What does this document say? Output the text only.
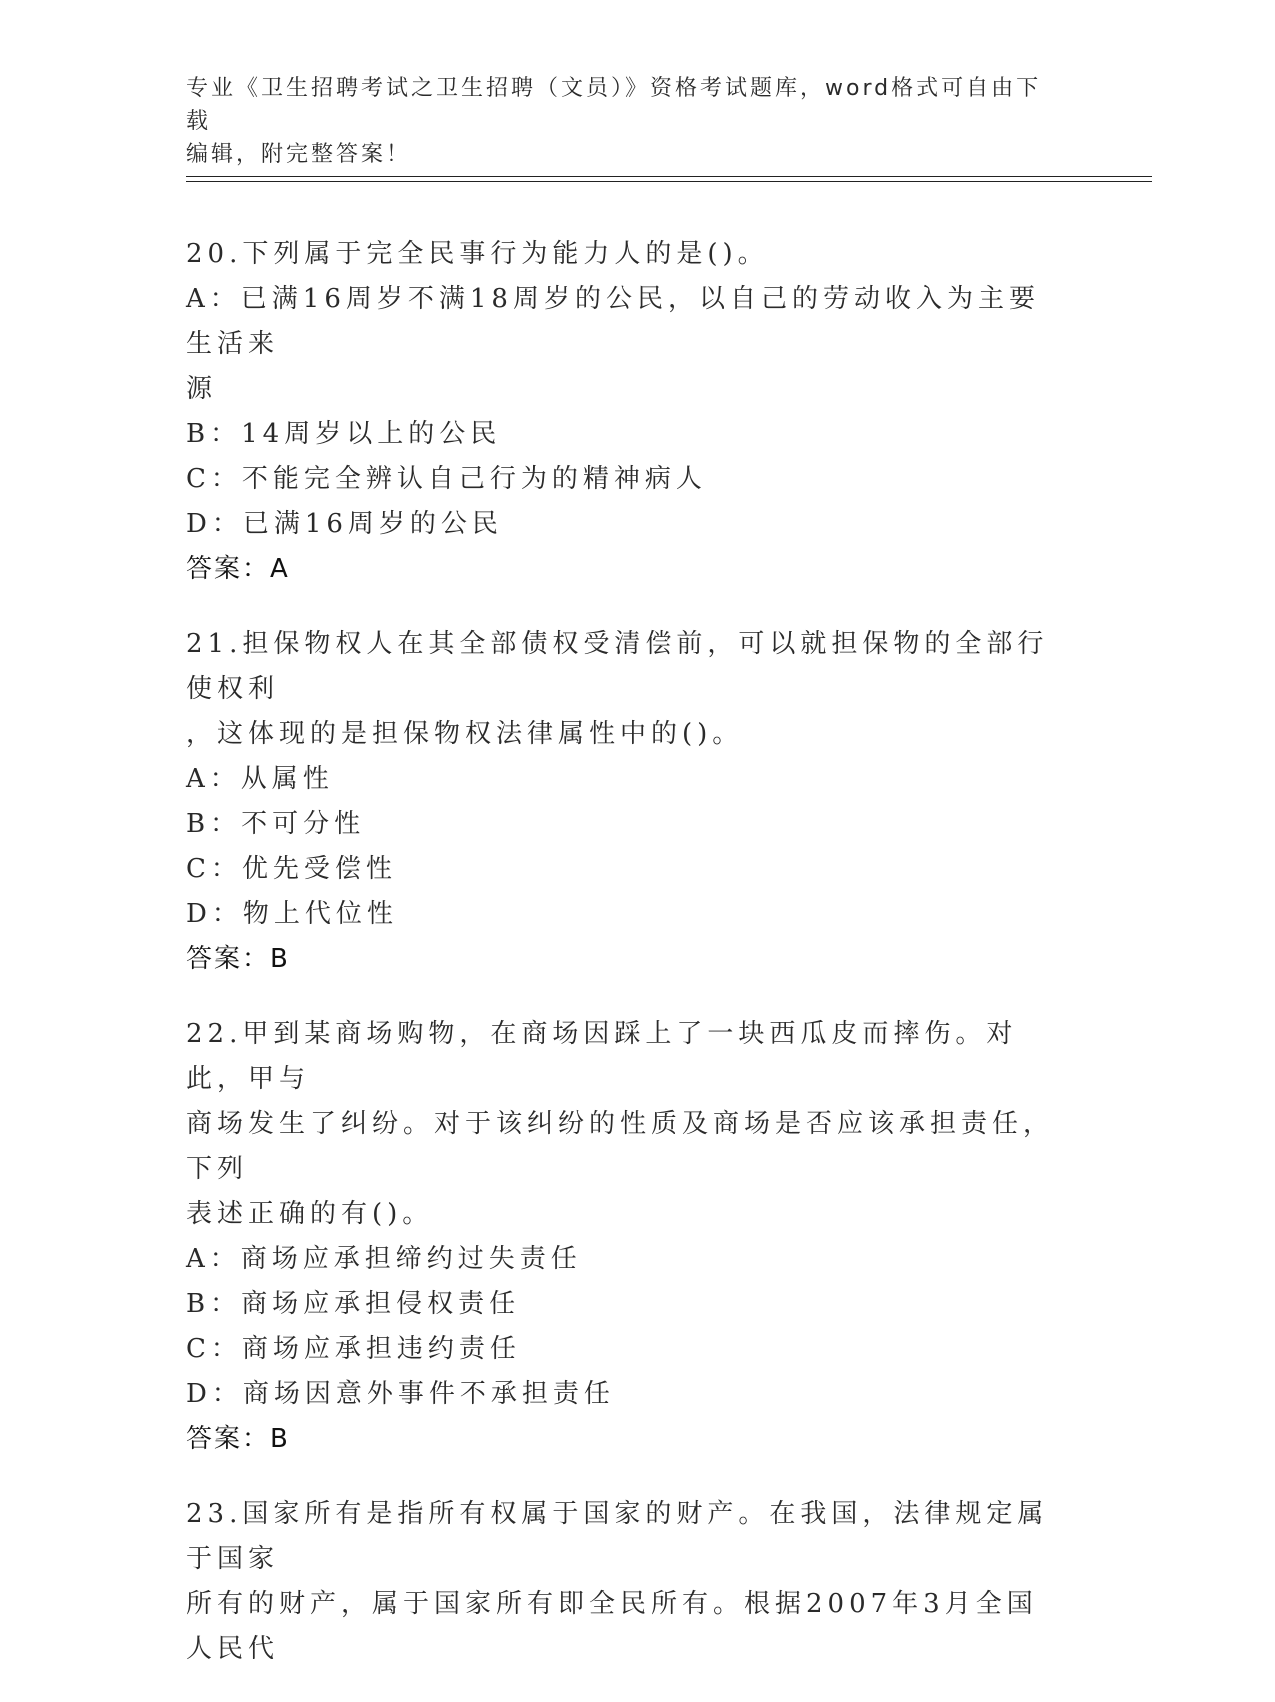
专业《卫生招聘考试之卫生招聘（文员）》资格考试题库，word格式可自由下载
编辑，附完整答案！

20.下列属于完全民事行为能力人的是()。

A：已满16周岁不满18周岁的公民，以自己的劳动收入为主要生活来

源

B：14周岁以上的公民

C：不能完全辨认自己行为的精神病人

D：已满16周岁的公民

答案：A

21.担保物权人在其全部债权受清偿前，可以就担保物的全部行使权利

，这体现的是担保物权法律属性中的()。

A：从属性

B：不可分性

C：优先受偿性

D：物上代位性

答案：B

22.甲到某商场购物，在商场因踩上了一块西瓜皮而摔伤。对此，甲与

商场发生了纠纷。对于该纠纷的性质及商场是否应该承担责任，下列

表述正确的有()。

A：商场应承担缔约过失责任

B：商场应承担侵权责任

C：商场应承担违约责任

D：商场因意外事件不承担责任

答案：B

23.国家所有是指所有权属于国家的财产。在我国，法律规定属于国家

所有的财产，属于国家所有即全民所有。根据2007年3月全国人民代
